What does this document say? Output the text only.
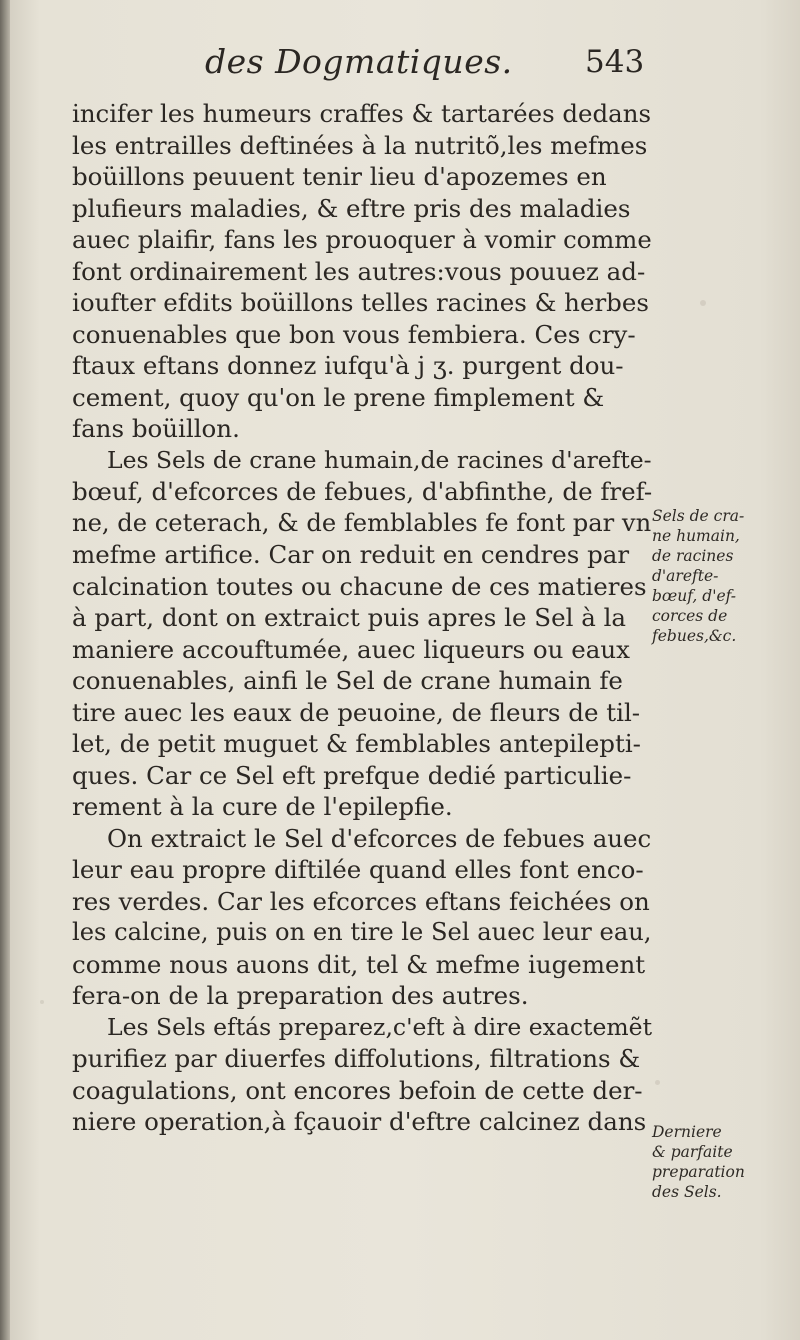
des Dogmatiques. 543
incifer les humeurs craffes & tartarées dedans
les entrailles deftinées à la nutritõ,les mefmes
boüillons peuuent tenir lieu d'apozemes en
plufieurs maladies, & eftre pris des maladies
auec plaifir, fans les prouoquer à vomir comme
font ordinairement les autres:vous pouuez ad-
ioufter efdits boüillons telles racines & herbes
conuenables que bon vous fembiera. Ces cry-
ftaux eftans donnez iufqu'à j ʒ. purgent dou-
cement, quoy qu'on le prene fimplement &
fans boüillon.
Les Sels de crane humain,de racines d'arefte-
bœuf, d'efcorces de febues, d'abfinthe, de fref-
ne, de ceterach, & de femblables fe font par vn
mefme artifice. Car on reduit en cendres par
calcination toutes ou chacune de ces matieres
à part, dont on extraict puis apres le Sel à la
maniere accouftumée, auec liqueurs ou eaux
conuenables, ainfi le Sel de crane humain fe
tire auec les eaux de peuoine, de fleurs de til-
let, de petit muguet & femblables antepilepti-
ques. Car ce Sel eft prefque dedié particulie-
rement à la cure de l'epilepfie.
On extraict le Sel d'efcorces de febues auec
leur eau propre diftilée quand elles font enco-
res verdes. Car les efcorces eftans feichées on
les calcine, puis on en tire le Sel auec leur eau,
comme nous auons dit, tel & mefme iugement
fera-on de la preparation des autres.
Les Sels eftás preparez,c'eft à dire exactemẽt
purifiez par diuerfes diffolutions, filtrations &
coagulations, ont encores befoin de cette der-
niere operation,à fçauoir d'eftre calcinez dans
Sels de cra-
ne humain,
de racines
d'arefte-
bœuf, d'ef-
corces de
febues,&c.
Derniere
& parfaite
preparation
des Sels.
